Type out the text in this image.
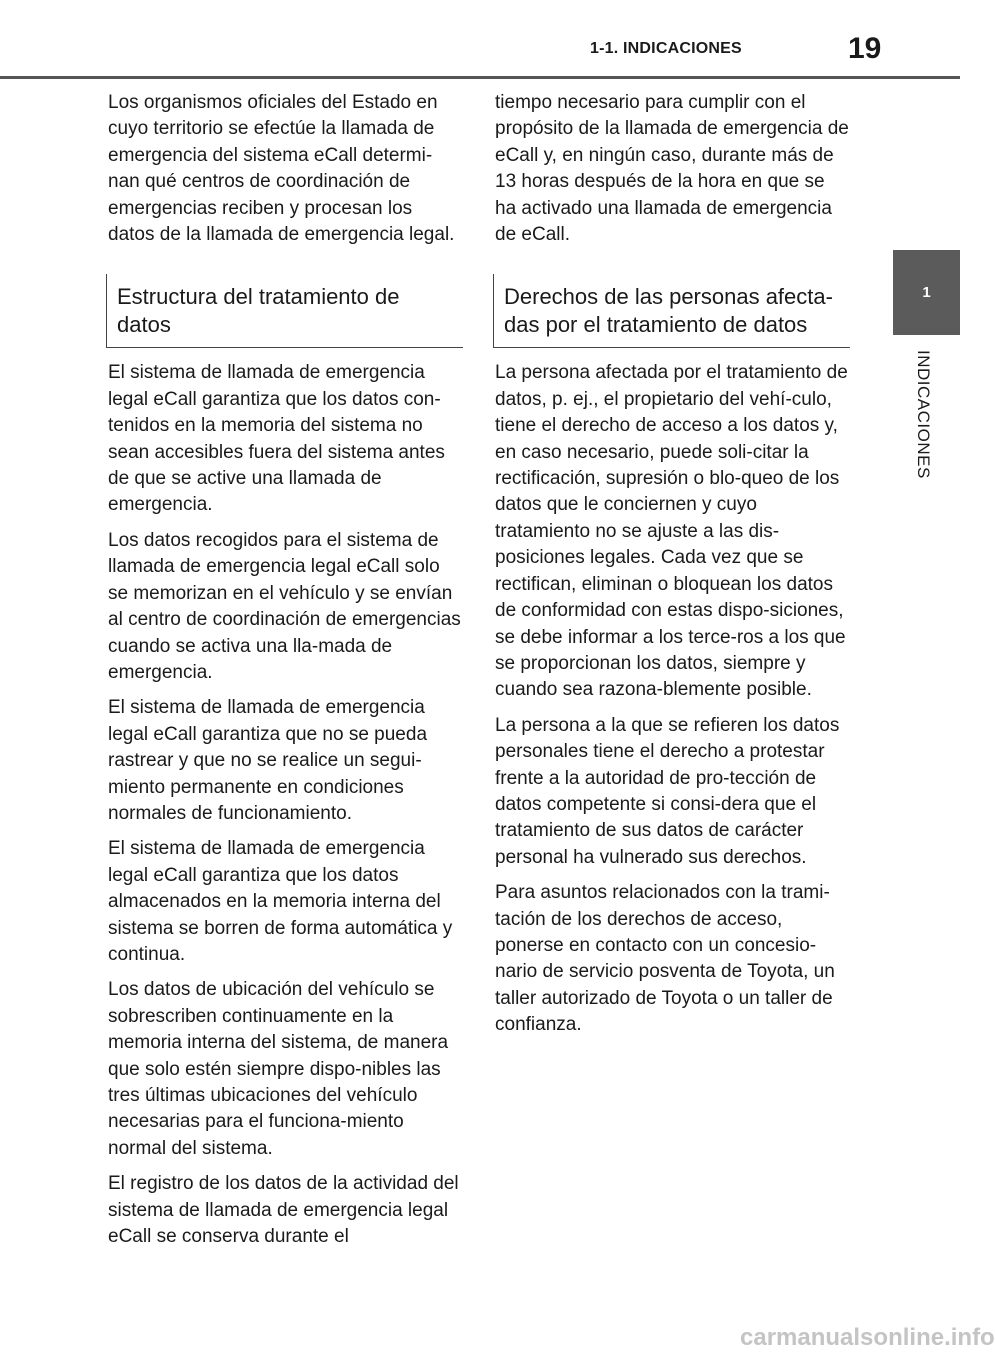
1-1. INDICACIONES	19
1
INDICACIONES

Los organismos oficiales del Estado en cuyo territorio se efectúe la llamada de emergencia del sistema eCall determi-nan qué centros de coordinación de emergencias reciben y procesan los datos de la llamada de emergencia legal.

Estructura del tratamiento de datos

El sistema de llamada de emergencia legal eCall garantiza que los datos con-tenidos en la memoria del sistema no sean accesibles fuera del sistema antes de que se active una llamada de emergencia.

Los datos recogidos para el sistema de llamada de emergencia legal eCall solo se memorizan en el vehículo y se envían al centro de coordinación de emergencias cuando se activa una lla-mada de emergencia.

El sistema de llamada de emergencia legal eCall garantiza que no se pueda rastrear y que no se realice un segui-miento permanente en condiciones normales de funcionamiento.

El sistema de llamada de emergencia legal eCall garantiza que los datos almacenados en la memoria interna del sistema se borren de forma automática y continua.

Los datos de ubicación del vehículo se sobrescriben continuamente en la memoria interna del sistema, de manera que solo estén siempre dispo-nibles las tres últimas ubicaciones del vehículo necesarias para el funciona-miento normal del sistema.

El registro de los datos de la actividad del sistema de llamada de emergencia legal eCall se conserva durante el

tiempo necesario para cumplir con el propósito de la llamada de emergencia de eCall y, en ningún caso, durante más de 13 horas después de la hora en que se ha activado una llamada de emergencia de eCall.

Derechos de las personas afecta-das por el tratamiento de datos

La persona afectada por el tratamiento de datos, p. ej., el propietario del vehí-culo, tiene el derecho de acceso a los datos y, en caso necesario, puede soli-citar la rectificación, supresión o blo-queo de los datos que le conciernen y cuyo tratamiento no se ajuste a las dis-posiciones legales. Cada vez que se rectifican, eliminan o bloquean los datos de conformidad con estas dispo-siciones, se debe informar a los terce-ros a los que se proporcionan los datos, siempre y cuando sea razona-blemente posible.

La persona a la que se refieren los datos personales tiene el derecho a protestar frente a la autoridad de pro-tección de datos competente si consi-dera que el tratamiento de sus datos de carácter personal ha vulnerado sus derechos.

Para asuntos relacionados con la trami-tación de los derechos de acceso, ponerse en contacto con un concesio-nario de servicio posventa de Toyota, un taller autorizado de Toyota o un taller de confianza.

carmanualsonline.info
